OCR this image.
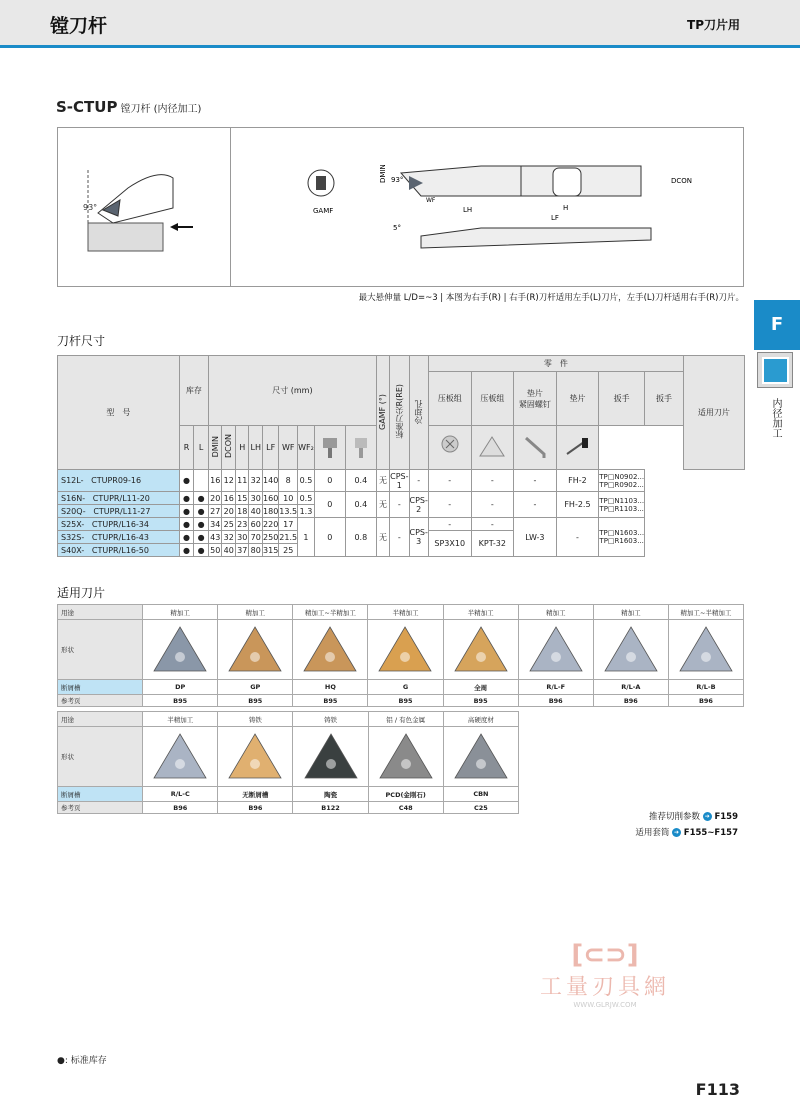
镗刀杆	TP刀片用
S-CTUP 镗刀杆 (内径加工)
93°	GAMF
DMIN 93°
LH
LF
H
DCON
WF
5°
最大悬伸量 L/D=~3 | 本图为右手(R) | 右手(R)刀杆适用左手(L)刀片，左手(L)刀杆适用右手(R)刀片。
F
内径加工
刀杆尺寸
型　号	库存		尺寸 (mm)									GAMF (°)	标准刀尖R(RE)	冷却孔	零　件						适用刀片
															压板组	压板组	垫片
紧固螺钉	垫片	扳手	扳手	
	R	L	DMIN	DCON	H	LH	LF	WF	WF₂						
S12L- CTUPR09-16	●		16	12	11	32	140	8	0.5	0	0.4	无	CPS-1	-	-	-	-	FH-2	TP□N0902...
TP□R0902...		
S16N- CTUPR/L11-20	●	●	20	16	15	30	160	10	0.5	0	0.4	无	-	CPS-2	-	-	-	FH-2.5	TP□N1103...
TP□R1103...		
S20Q- CTUPR/L11-27	●	●	27	20	18	40	180	13.5	1.3												
S25X- CTUPR/L16-34	●	●	34	25	23	60	220	17	1	0	0.8	无	-	CPS-3	-	-	LW-3	-	TP□N1603...
TP□R1603...		
S32S- CTUPR/L16-43	●	●	43	32	30	70	250	21.5							SP3X10	KPT-32					
S40X- CTUPR/L16-50	●	●	50	40	37	80	315	25													
适用刀片
用途	精加工	精加工	精加工~半精加工	半精加工	半精加工	精加工	精加工	精加工~半精加工
形状								
断屑槽	DP	GP	HQ	G	全周	R/L-F	R/L-A	R/L-B
参考页	B95	B95	B95	B95	B95	B96	B96	B96
用途	半精加工	铸铁	铸铁	铝 / 有色金属	高硬度材
形状					
断屑槽	R/L-C	无断屑槽	陶瓷	PCD(金刚石)	CBN
参考页	B96	B96	B122	C48	C25
推荐切削参数 ➜ F159
适用套筒 ➜ F155~F157
[⊂⊃]
工量刃具網
WWW.GLRJW.COM
●: 标准库存
F113
